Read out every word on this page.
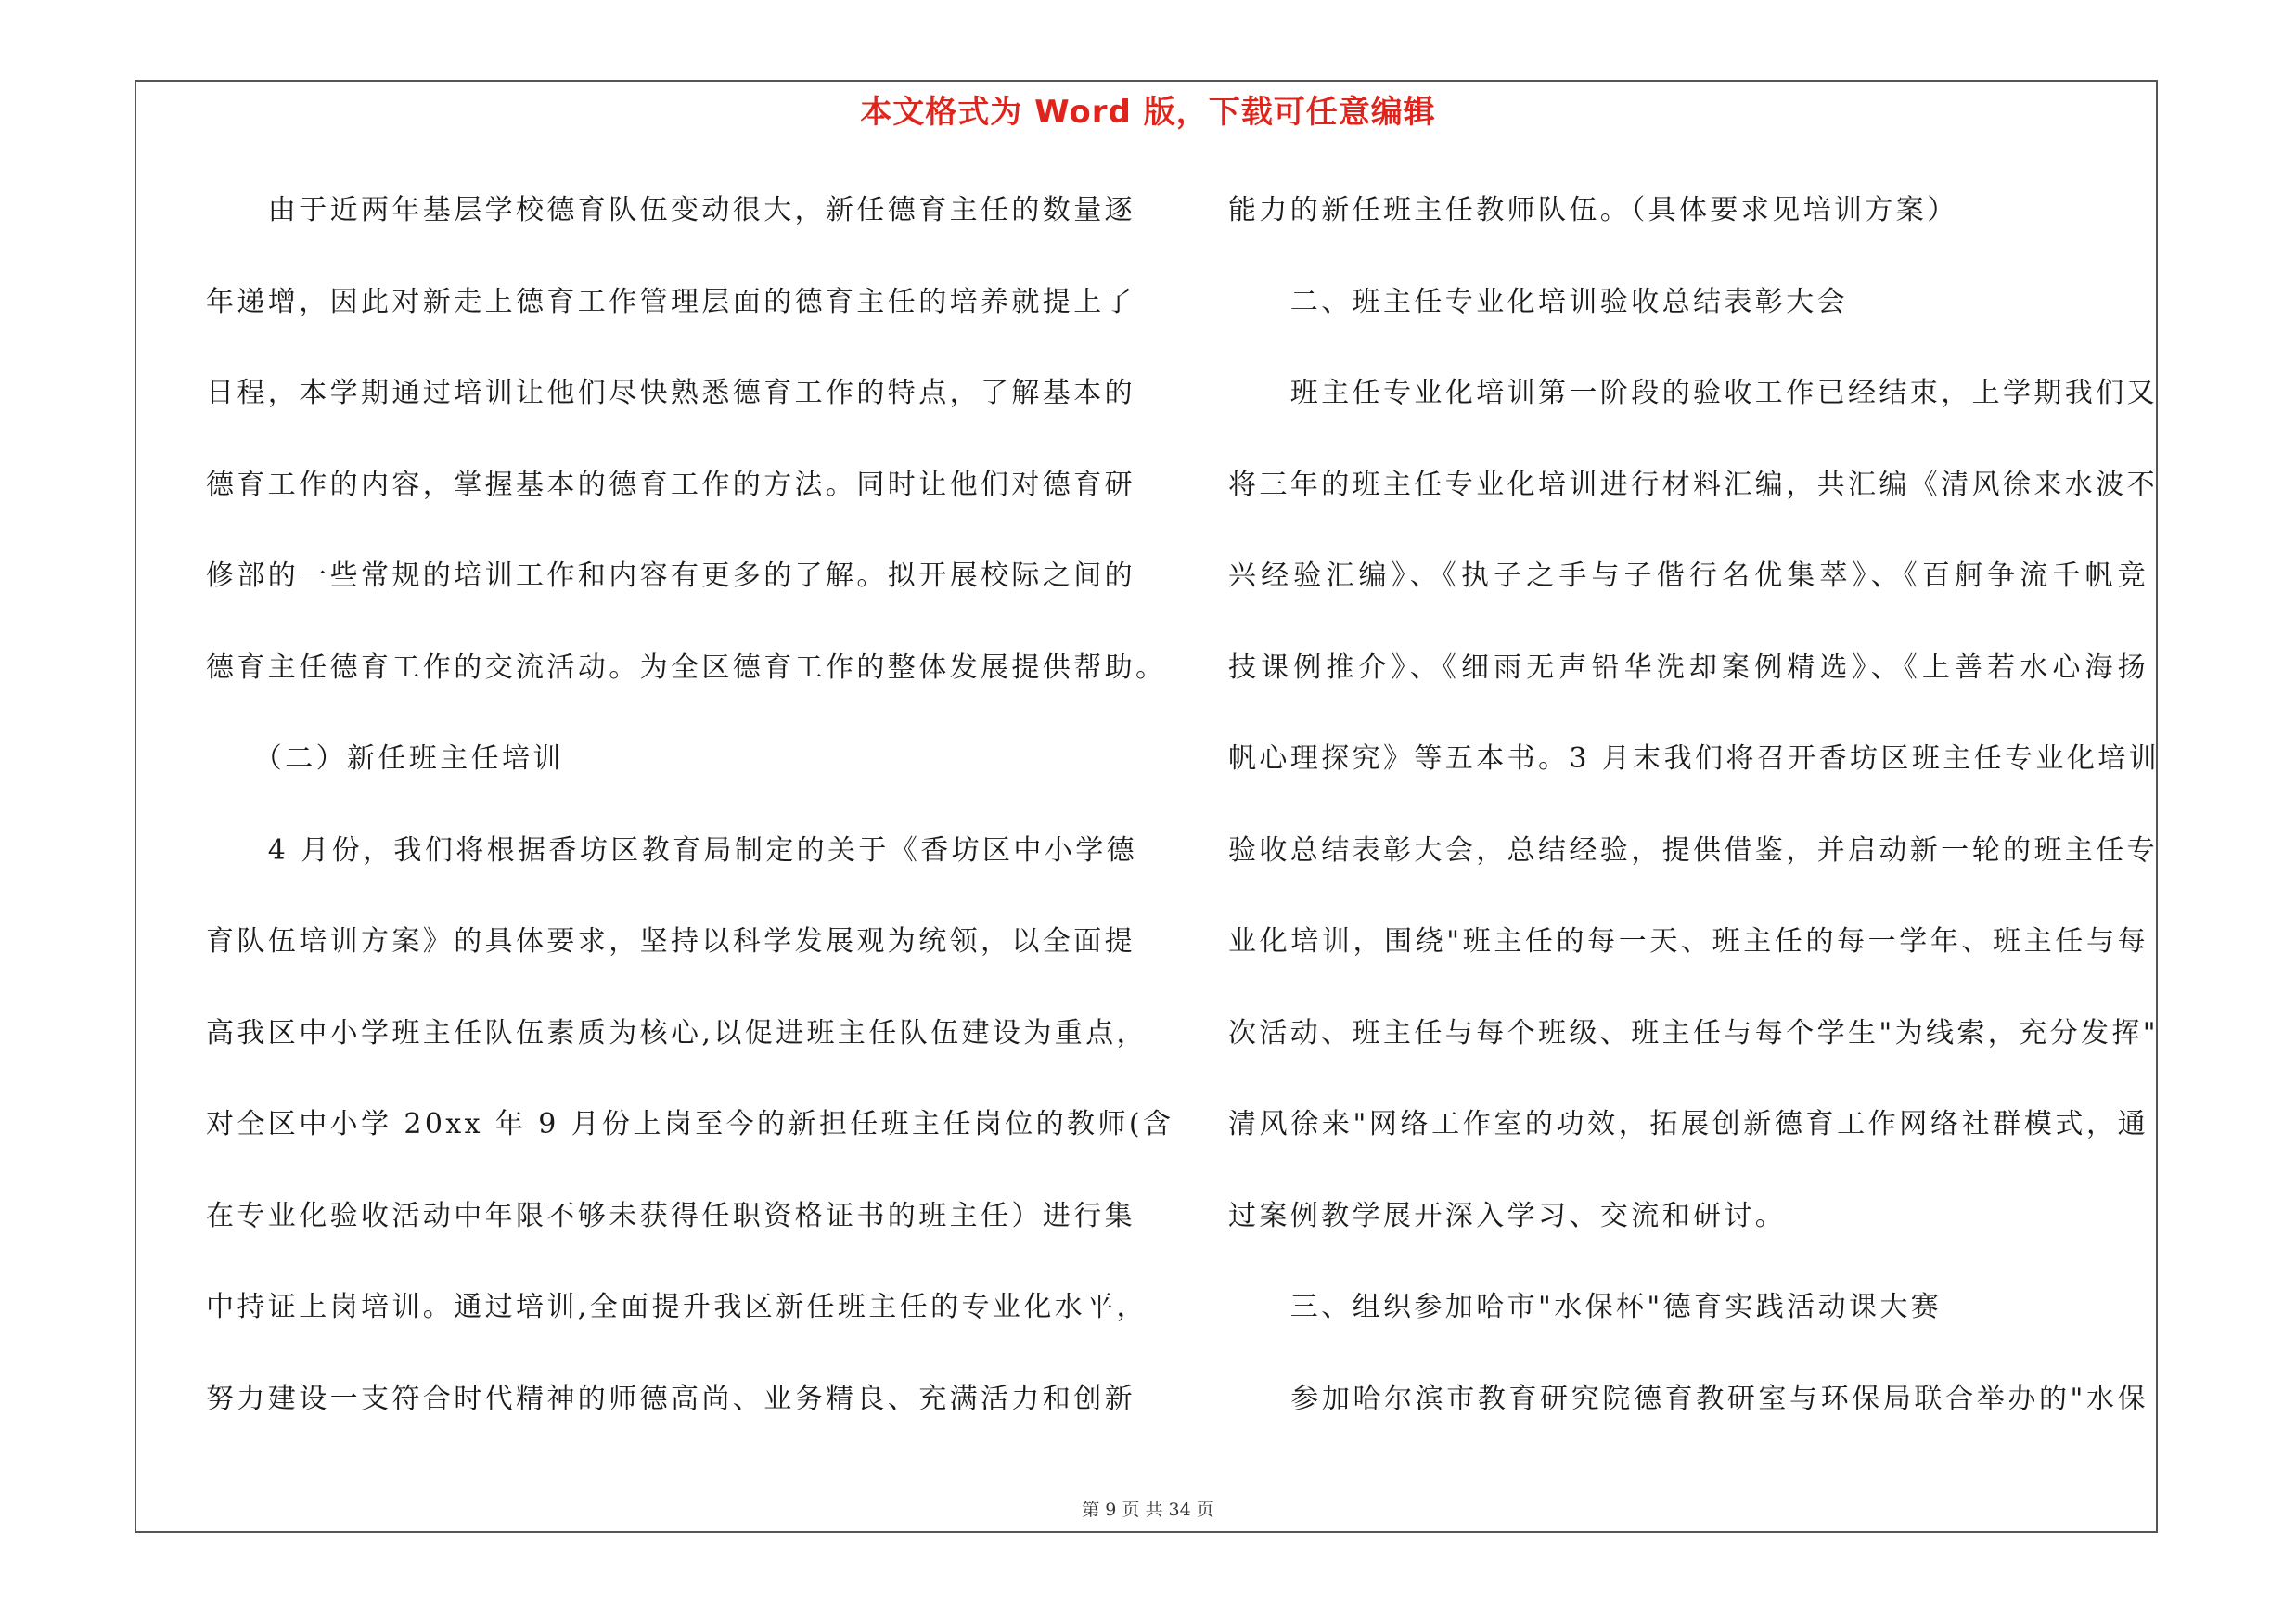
本文格式为 Word 版，下载可任意编辑
　　由于近两年基层学校德育队伍变动很大，新任德育主任的数量逐
年递增，因此对新走上德育工作管理层面的德育主任的培养就提上了
日程，本学期通过培训让他们尽快熟悉德育工作的特点，了解基本的
德育工作的内容，掌握基本的德育工作的方法。同时让他们对德育研
修部的一些常规的培训工作和内容有更多的了解。拟开展校际之间的
德育主任德育工作的交流活动。为全区德育工作的整体发展提供帮助。
　　（二）新任班主任培训
　　4 月份，我们将根据香坊区教育局制定的关于《香坊区中小学德
育队伍培训方案》的具体要求，坚持以科学发展观为统领，以全面提
高我区中小学班主任队伍素质为核心,以促进班主任队伍建设为重点，
对全区中小学 20xx 年 9 月份上岗至今的新担任班主任岗位的教师(含
在专业化验收活动中年限不够未获得任职资格证书的班主任）进行集
中持证上岗培训。通过培训,全面提升我区新任班主任的专业化水平，
努力建设一支符合时代精神的师德高尚、业务精良、充满活力和创新
能力的新任班主任教师队伍。（具体要求见培训方案）
　　二、班主任专业化培训验收总结表彰大会
　　班主任专业化培训第一阶段的验收工作已经结束，上学期我们又
将三年的班主任专业化培训进行材料汇编，共汇编《清风徐来水波不
兴经验汇编》、《执子之手与子偕行名优集萃》、《百舸争流千帆竞
技课例推介》、《细雨无声铅华洗却案例精选》、《上善若水心海扬
帆心理探究》等五本书。3 月末我们将召开香坊区班主任专业化培训
验收总结表彰大会，总结经验，提供借鉴，并启动新一轮的班主任专
业化培训，围绕"班主任的每一天、班主任的每一学年、班主任与每
次活动、班主任与每个班级、班主任与每个学生"为线索，充分发挥"
清风徐来"网络工作室的功效，拓展创新德育工作网络社群模式，通
过案例教学展开深入学习、交流和研讨。
　　三、组织参加哈市"水保杯"德育实践活动课大赛
　　参加哈尔滨市教育研究院德育教研室与环保局联合举办的"水保
第 9 页 共 34 页
